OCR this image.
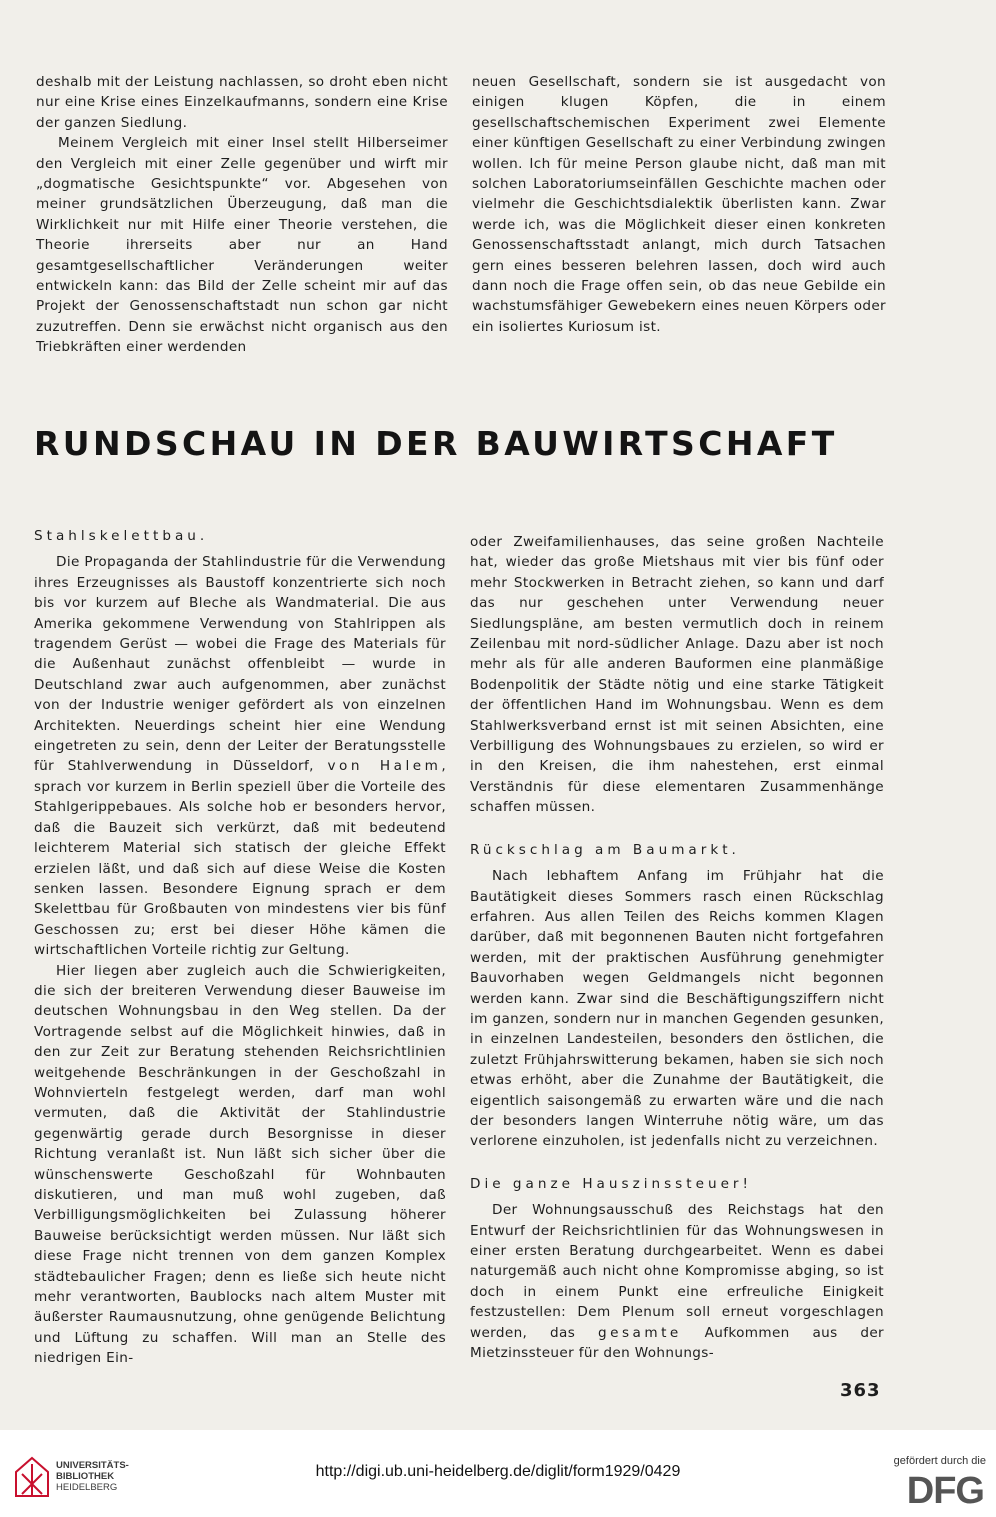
deshalb mit der Leistung nachlassen, so droht eben nicht nur eine Krise eines Einzelkaufmanns, sondern eine Krise der ganzen Siedlung.

Meinem Vergleich mit einer Insel stellt Hilberseimer den Vergleich mit einer Zelle gegenüber und wirft mir „dogmatische Gesichtspunkte“ vor. Abgesehen von meiner grundsätzlichen Überzeugung, daß man die Wirklichkeit nur mit Hilfe einer Theorie verstehen, die Theorie ihrerseits aber nur an Hand gesamtgesellschaftlicher Veränderungen weiter entwickeln kann: das Bild der Zelle scheint mir auf das Projekt der Genossenschaftstadt nun schon gar nicht zuzutreffen. Denn sie erwächst nicht organisch aus den Triebkräften einer werdenden

neuen Gesellschaft, sondern sie ist ausgedacht von einigen klugen Köpfen, die in einem gesellschaftschemischen Experiment zwei Elemente einer künftigen Gesellschaft zu einer Verbindung zwingen wollen. Ich für meine Person glaube nicht, daß man mit solchen Laboratoriumseinfällen Geschichte machen oder vielmehr die Geschichtsdialektik überlisten kann. Zwar werde ich, was die Möglichkeit dieser einen konkreten Genossenschaftsstadt anlangt, mich durch Tatsachen gern eines besseren belehren lassen, doch wird auch dann noch die Frage offen sein, ob das neue Gebilde ein wachstumsfähiger Gewebekern eines neuen Körpers oder ein isoliertes Kuriosum ist.

RUNDSCHAU IN DER BAUWIRTSCHAFT

Stahlskelettbau.

Die Propaganda der Stahlindustrie für die Verwendung ihres Erzeugnisses als Baustoff konzentrierte sich noch bis vor kurzem auf Bleche als Wandmaterial. Die aus Amerika gekommene Verwendung von Stahlrippen als tragendem Gerüst — wobei die Frage des Materials für die Außenhaut zunächst offenbleibt — wurde in Deutschland zwar auch aufgenommen, aber zunächst von der Industrie weniger gefördert als von einzelnen Architekten. Neuerdings scheint hier eine Wendung eingetreten zu sein, denn der Leiter der Beratungsstelle für Stahlverwendung in Düsseldorf, von Halem, sprach vor kurzem in Berlin speziell über die Vorteile des Stahlgerippebaues. Als solche hob er besonders hervor, daß die Bauzeit sich verkürzt, daß mit bedeutend leichterem Material sich statisch der gleiche Effekt erzielen läßt, und daß sich auf diese Weise die Kosten senken lassen. Besondere Eignung sprach er dem Skelettbau für Großbauten von mindestens vier bis fünf Geschossen zu; erst bei dieser Höhe kämen die wirtschaftlichen Vorteile richtig zur Geltung.

Hier liegen aber zugleich auch die Schwierigkeiten, die sich der breiteren Verwendung dieser Bauweise im deutschen Wohnungsbau in den Weg stellen. Da der Vortragende selbst auf die Möglichkeit hinwies, daß in den zur Zeit zur Beratung stehenden Reichsrichtlinien weitgehende Beschränkungen in der Geschoßzahl in Wohnvierteln festgelegt werden, darf man wohl vermuten, daß die Aktivität der Stahlindustrie gegenwärtig gerade durch Besorgnisse in dieser Richtung veranlaßt ist. Nun läßt sich sicher über die wünschenswerte Geschoßzahl für Wohnbauten diskutieren, und man muß wohl zugeben, daß Verbilligungsmöglichkeiten bei Zulassung höherer Bauweise berücksichtigt werden müssen. Nur läßt sich diese Frage nicht trennen von dem ganzen Komplex städtebaulicher Fragen; denn es ließe sich heute nicht mehr verantworten, Baublocks nach altem Muster mit äußerster Raumausnutzung, ohne genügende Belichtung und Lüftung zu schaffen. Will man an Stelle des niedrigen Ein-

oder Zweifamilienhauses, das seine großen Nachteile hat, wieder das große Mietshaus mit vier bis fünf oder mehr Stockwerken in Betracht ziehen, so kann und darf das nur geschehen unter Verwendung neuer Siedlungspläne, am besten vermutlich doch in reinem Zeilenbau mit nord-südlicher Anlage. Dazu aber ist noch mehr als für alle anderen Bauformen eine planmäßige Bodenpolitik der Städte nötig und eine starke Tätigkeit der öffentlichen Hand im Wohnungsbau. Wenn es dem Stahlwerksverband ernst ist mit seinen Absichten, eine Verbilligung des Wohnungsbaues zu erzielen, so wird er in den Kreisen, die ihm nahestehen, erst einmal Verständnis für diese elementaren Zusammenhänge schaffen müssen.

Rückschlag am Baumarkt.

Nach lebhaftem Anfang im Frühjahr hat die Bautätigkeit dieses Sommers rasch einen Rückschlag erfahren. Aus allen Teilen des Reichs kommen Klagen darüber, daß mit begonnenen Bauten nicht fortgefahren werden, mit der praktischen Ausführung genehmigter Bauvorhaben wegen Geldmangels nicht begonnen werden kann. Zwar sind die Beschäftigungsziffern nicht im ganzen, sondern nur in manchen Gegenden gesunken, in einzelnen Landesteilen, besonders den östlichen, die zuletzt Frühjahrswitterung bekamen, haben sie sich noch etwas erhöht, aber die Zunahme der Bautätigkeit, die eigentlich saisongemäß zu erwarten wäre und die nach der besonders langen Winterruhe nötig wäre, um das verlorene einzuholen, ist jedenfalls nicht zu verzeichnen.

Die ganze Hauszinssteuer!

Der Wohnungsausschuß des Reichstags hat den Entwurf der Reichsrichtlinien für das Wohnungswesen in einer ersten Beratung durchgearbeitet. Wenn es dabei naturgemäß auch nicht ohne Kompromisse abging, so ist doch in einem Punkt eine erfreuliche Einigkeit festzustellen: Dem Plenum soll erneut vorgeschlagen werden, das gesamte Aufkommen aus der Mietzinssteuer für den Wohnungs-

363
UNIVERSITÄTS-
BIBLIOTHEK
HEIDELBERG
http://digi.ub.uni-heidelberg.de/diglit/form1929/0429
gefördert durch die
DFG
